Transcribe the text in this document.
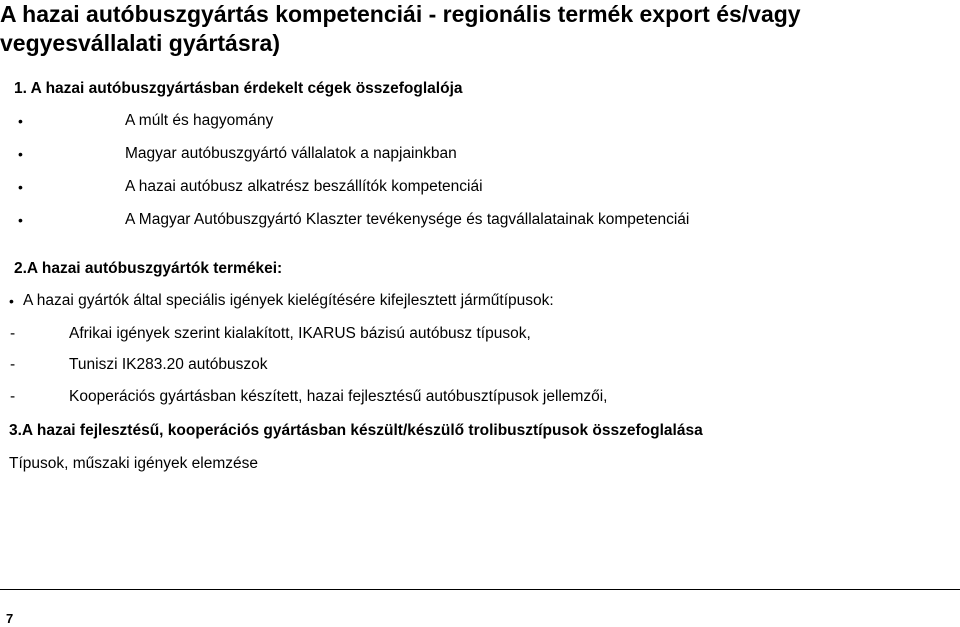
A hazai autóbuszgyártás kompetenciái - regionális termék export és/vagy vegyesvállalati gyártásra)
1. A hazai autóbuszgyártásban érdekelt cégek összefoglalója
•	A múlt és hagyomány
•	Magyar autóbuszgyártó vállalatok a napjainkban
•	A hazai autóbusz alkatrész beszállítók kompetenciái
•	A Magyar Autóbuszgyártó Klaszter tevékenysége és tagvállalatainak kompetenciái
2.A hazai autóbuszgyártók termékei:
• A hazai gyártók által speciális igények kielégítésére kifejlesztett járműtípusok:
-	Afrikai igények szerint kialakított, IKARUS bázisú autóbusz típusok,
-	Tuniszi IK283.20 autóbuszok
-	Kooperációs gyártásban készített, hazai fejlesztésű autóbusztípusok jellemzői,
3.A hazai fejlesztésű, kooperációs gyártásban készült/készülő trolibusztípusok összefoglalása
Típusok, műszaki igények elemzése
7
